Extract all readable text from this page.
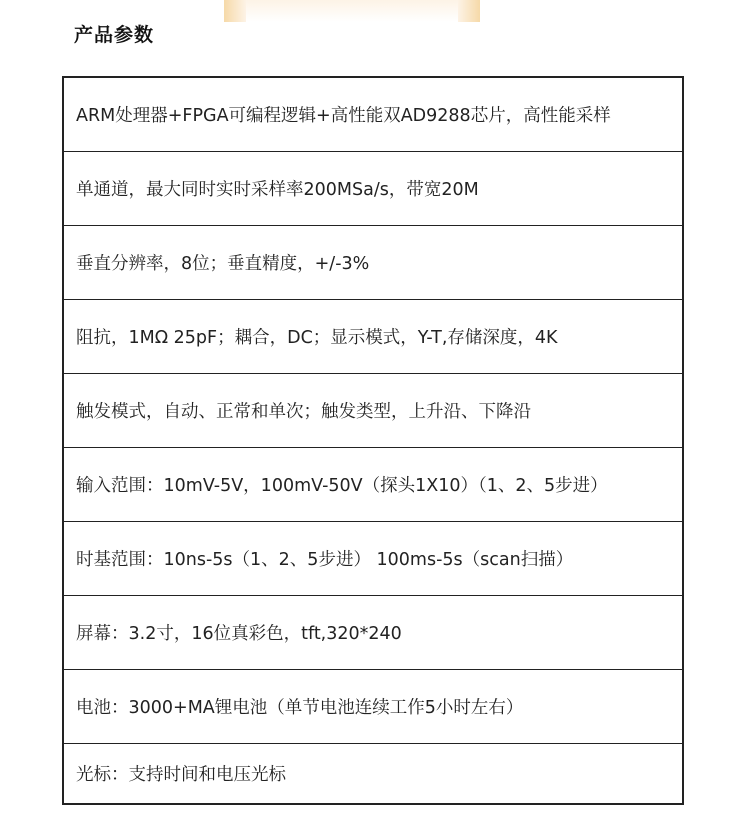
产品参数
ARM处理器+FPGA可编程逻辑+高性能双AD9288芯片，高性能采样
单通道，最大同时实时采样率200MSa/s，带宽20M
垂直分辨率，8位；垂直精度，+/-3%
阻抗，1MΩ 25pF；耦合，DC；显示模式，Y-T,存储深度，4K
触发模式，自动、正常和单次；触发类型，上升沿、下降沿
输入范围：10mV-5V，100mV-50V（探头1X10）（1、2、5步进）
时基范围：10ns-5s（1、2、5步进） 100ms-5s（scan扫描）
屏幕：3.2寸，16位真彩色，tft,320*240
电池：3000+MA锂电池（单节电池连续工作5小时左右）
光标：支持时间和电压光标
